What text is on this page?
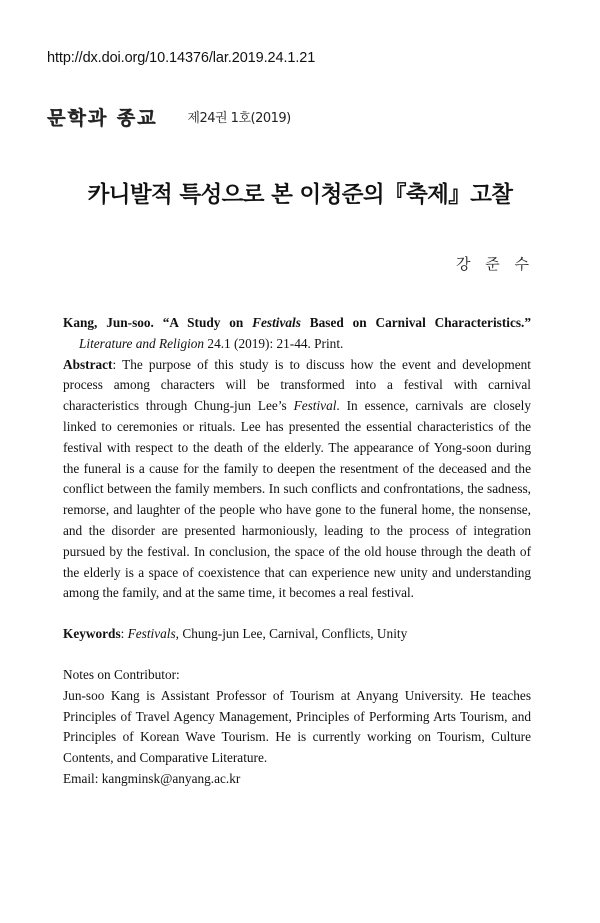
http://dx.doi.org/10.14376/lar.2019.24.1.21
문학과 종교 제24권 1호(2019)
카니발적 특성으로 본 이청준의『축제』고찰
강 준 수

Kang, Jun-soo. “A Study on Festivals Based on Carnival Characteristics.” Literature and Religion 24.1 (2019): 21-44. Print.

Abstract: The purpose of this study is to discuss how the event and development process among characters will be transformed into a festival with carnival characteristics through Chung-jun Lee’s Festival. In essence, carnivals are closely linked to ceremonies or rituals. Lee has presented the essential characteristics of the festival with respect to the death of the elderly. The appearance of Yong-soon during the funeral is a cause for the family to deepen the resentment of the deceased and the conflict between the family members. In such conflicts and confrontations, the sadness, remorse, and laughter of the people who have gone to the funeral home, the nonsense, and the disorder are presented harmoniously, leading to the process of integration pursued by the festival. In conclusion, the space of the old house through the death of the elderly is a space of coexistence that can experience new unity and understanding among the family, and at the same time, it becomes a real festival.

Keywords: Festivals, Chung-jun Lee, Carnival, Conflicts, Unity

Notes on Contributor:

Jun-soo Kang is Assistant Professor of Tourism at Anyang University. He teaches Principles of Travel Agency Management, Principles of Performing Arts Tourism, and Principles of Korean Wave Tourism. He is currently working on Tourism, Culture Contents, and Comparative Literature.

Email: kangminsk@anyang.ac.kr
